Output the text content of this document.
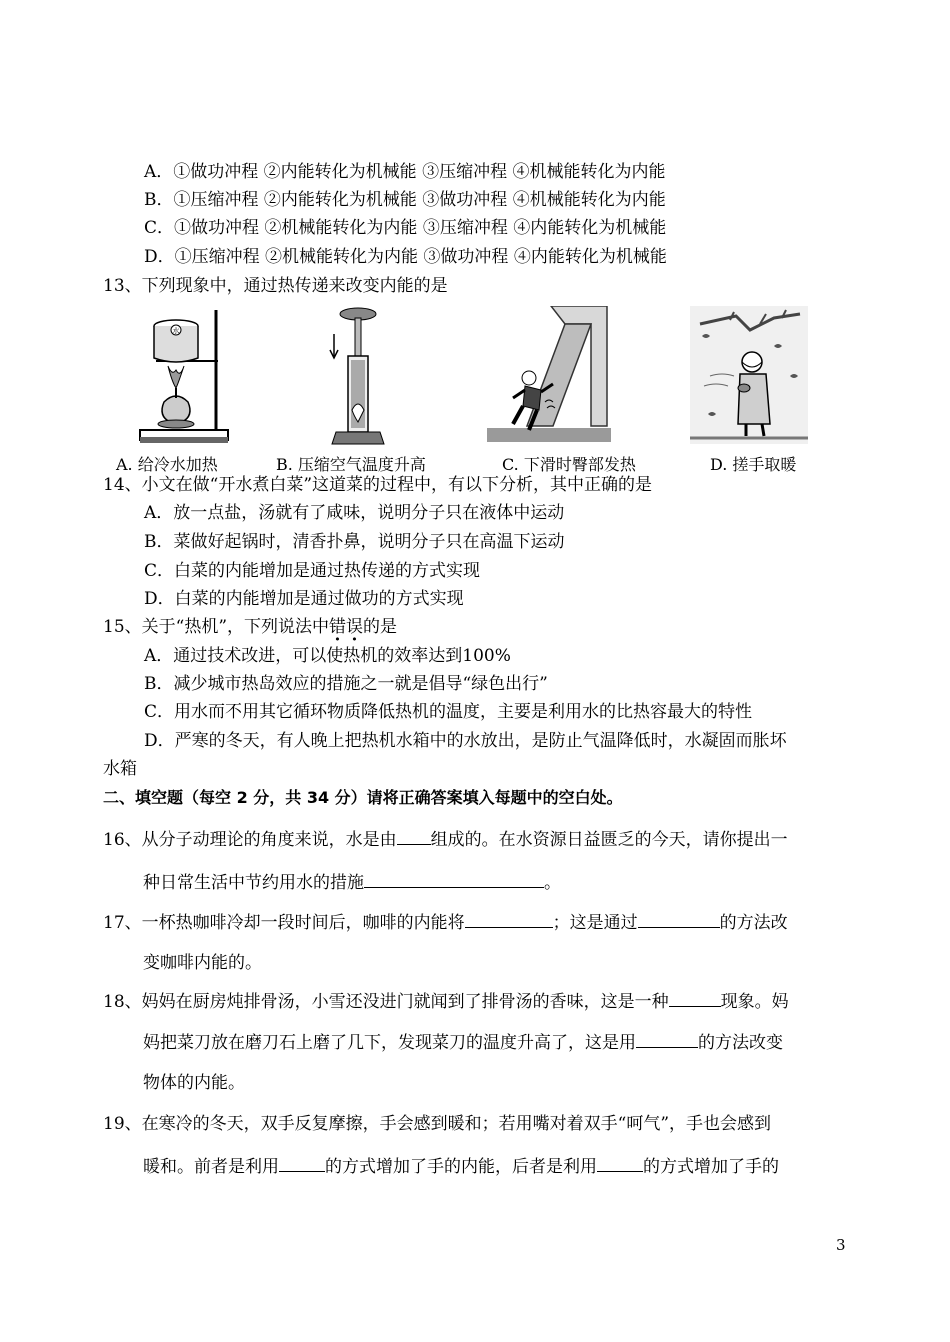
A．①做功冲程 ②内能转化为机械能 ③压缩冲程 ④机械能转化为内能
B．①压缩冲程 ②内能转化为机械能 ③做功冲程 ④机械能转化为内能
C．①做功冲程 ②机械能转化为内能 ③压缩冲程 ④内能转化为机械能
D．①压缩冲程 ②机械能转化为内能 ③做功冲程 ④内能转化为机械能
13、下列现象中，通过热传递来改变内能的是
水
A. 给冷水加热	B. 压缩空气温度升高	C. 下滑时臀部发热	D. 搓手取暖
14、小文在做“开水煮白菜”这道菜的过程中，有以下分析，其中正确的是
A．放一点盐，汤就有了咸味，说明分子只在液体中运动
B．菜做好起锅时，清香扑鼻，说明分子只在高温下运动
C．白菜的内能增加是通过热传递的方式实现
D．白菜的内能增加是通过做功的方式实现
15、关于“热机”，下列说法中错误的是
A．通过技术改进，可以使热机的效率达到100%
B．减少城市热岛效应的措施之一就是倡导“绿色出行”
C．用水而不用其它循环物质降低热机的温度，主要是利用水的比热容最大的特性
D．严寒的冬天，有人晚上把热机水箱中的水放出，是防止气温降低时，水凝固而胀坏
水箱
二、填空题（每空 2 分，共 34 分）请将正确答案填入每题中的空白处。
16、从分子动理论的角度来说，水是由 组成的。在水资源日益匮乏的今天，请你提出一
种日常生活中节约用水的措施	。
17、一杯热咖啡冷却一段时间后，咖啡的内能将	；这是通过	的方法改
变咖啡内能的。
18、妈妈在厨房炖排骨汤，小雪还没进门就闻到了排骨汤的香味，这是一种	现象。妈
妈把菜刀放在磨刀石上磨了几下，发现菜刀的温度升高了，这是用	的方法改变
物体的内能。
19、在寒冷的冬天，双手反复摩擦，手会感到暖和；若用嘴对着双手“呵气”，手也会感到
暖和。前者是利用	的方式增加了手的内能，后者是利用	的方式增加了手的
3
